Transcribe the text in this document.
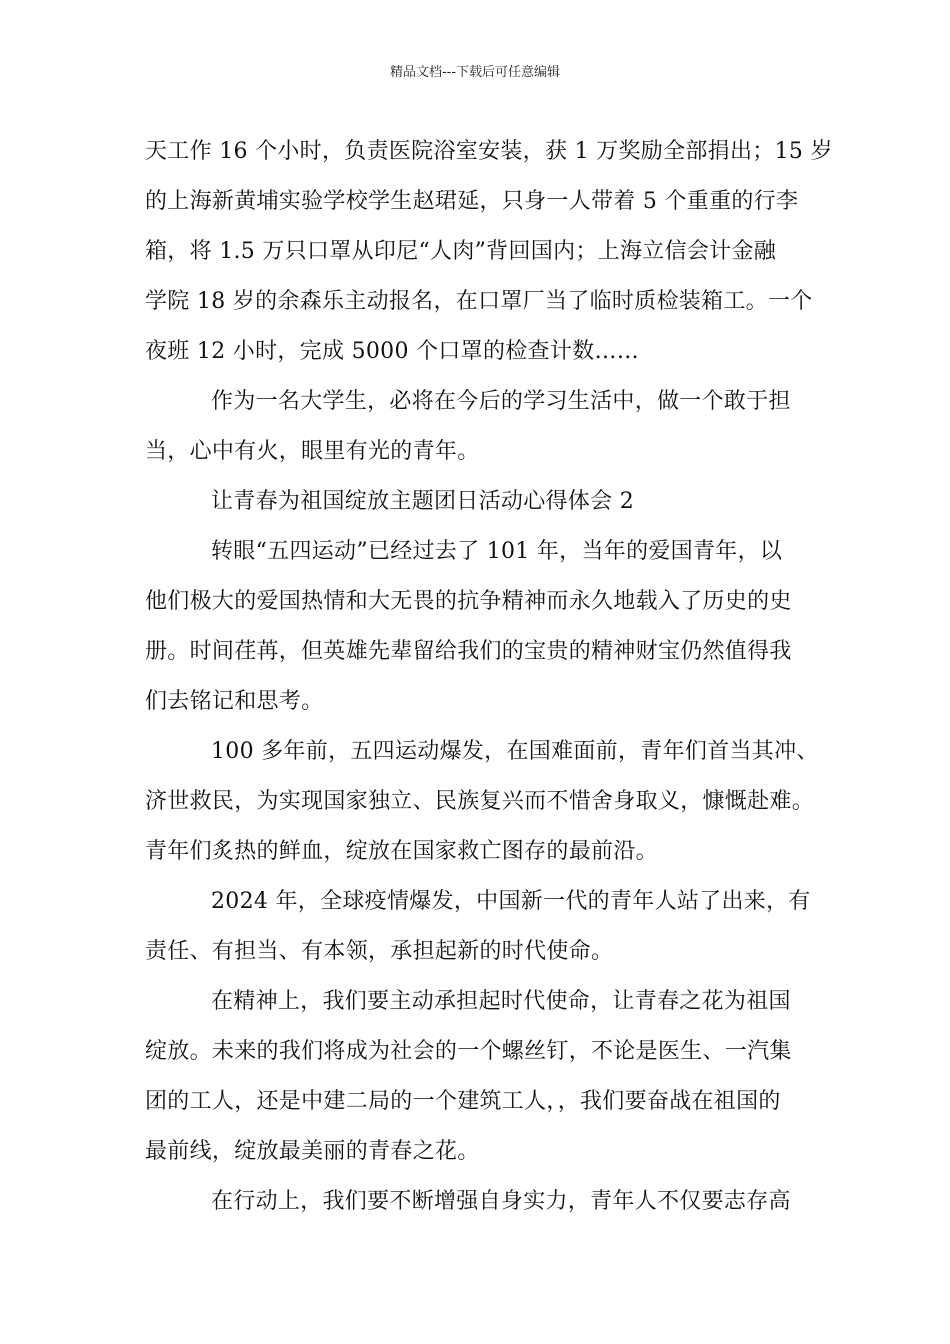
精品文档---下载后可任意编辑
天工作 16 个小时，负责医院浴室安装，获 1 万奖励全部捐出；15 岁
的上海新黄埔实验学校学生赵珺延，只身一人带着 5 个重重的行李
箱，将 1.5 万只口罩从印尼“人肉”背回国内；上海立信会计金融
学院 18 岁的余森乐主动报名，在口罩厂当了临时质检装箱工。一个
夜班 12 小时，完成 5000 个口罩的检查计数……
作为一名大学生，必将在今后的学习生活中，做一个敢于担
当，心中有火，眼里有光的青年。
让青春为祖国绽放主题团日活动心得体会 2
转眼“五四运动”已经过去了 101 年，当年的爱国青年，以
他们极大的爱国热情和大无畏的抗争精神而永久地载入了历史的史
册。时间荏苒，但英雄先辈留给我们的宝贵的精神财宝仍然值得我
们去铭记和思考。
100 多年前，五四运动爆发，在国难面前，青年们首当其冲、
济世救民，为实现国家独立、民族复兴而不惜舍身取义，慷慨赴难。
青年们炙热的鲜血，绽放在国家救亡图存的最前沿。
2024 年，全球疫情爆发，中国新一代的青年人站了出来，有
责任、有担当、有本领，承担起新的时代使命。
在精神上，我们要主动承担起时代使命，让青春之花为祖国
绽放。未来的我们将成为社会的一个螺丝钉，不论是医生、一汽集
团的工人，还是中建二局的一个建筑工人，，我们要奋战在祖国的
最前线，绽放最美丽的青春之花。
在行动上，我们要不断增强自身实力，青年人不仅要志存高
